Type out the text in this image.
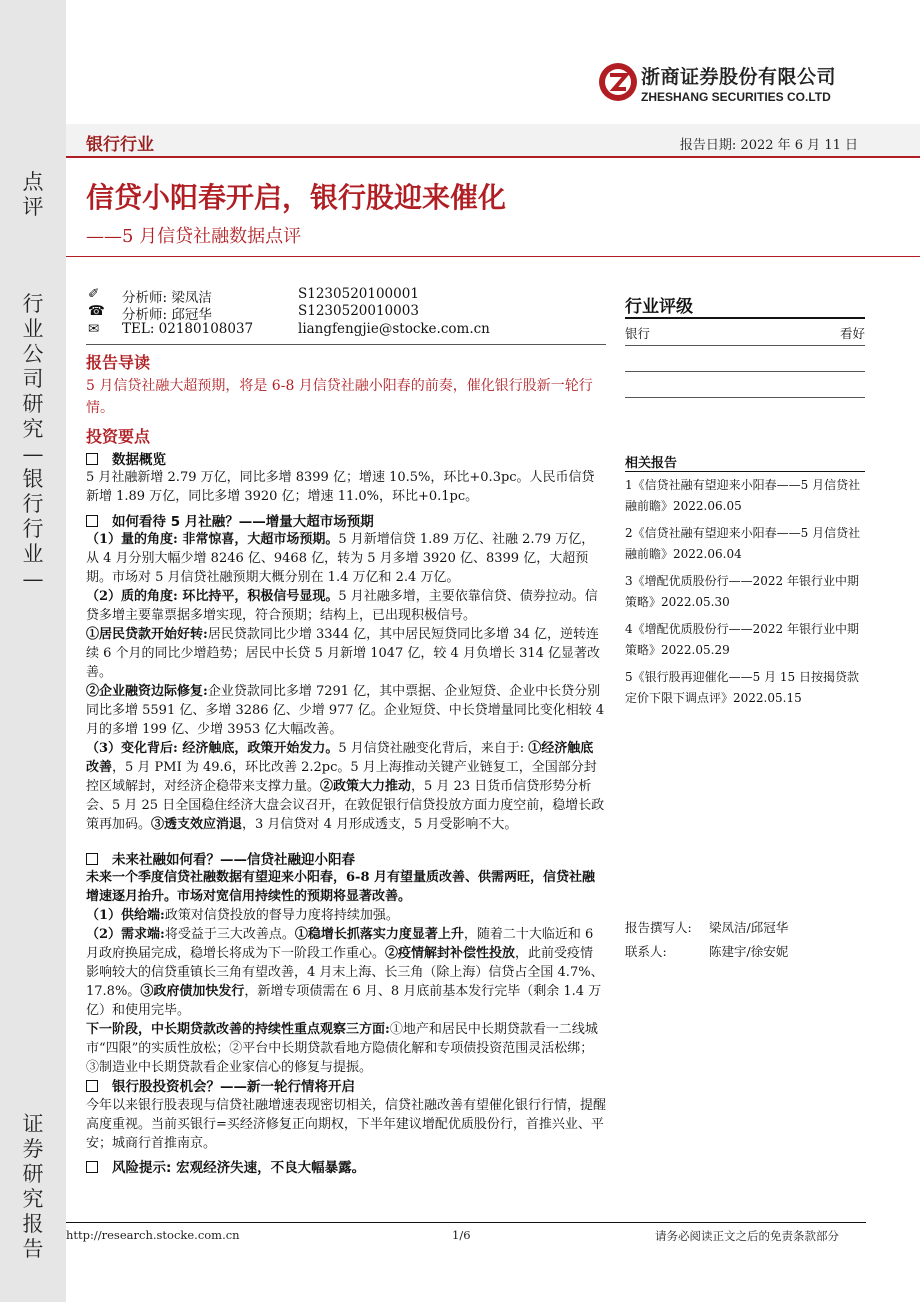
点
评
行
业
公
司
研
究
—
银
行
行
业
—
证
券
研
究
报
告
浙商证券股份有限公司
ZHESHANG SECURITIES CO.LTD
银行行业	报告日期: 2022 年 6 月 11 日
信贷小阳春开启，银行股迎来催化
——5 月信贷社融数据点评
✐ 分析师: 梁凤洁	S1230520100001
☎ 分析师: 邱冠华	S1230520010003
✉ TEL: 02180108037	liangfengjie@stocke.com.cn
报告导读
5 月信贷社融大超预期，将是 6-8 月信贷社融小阳春的前奏，催化银行股新一轮行情。
投资要点
数据概览
5 月社融新增 2.79 万亿，同比多增 8399 亿；增速 10.5%，环比+0.3pc。人民币信贷新增 1.89 万亿，同比多增 3920 亿；增速 11.0%，环比+0.1pc。
如何看待 5 月社融？——增量大超市场预期
（1）量的角度: 非常惊喜，大超市场预期。5 月新增信贷 1.89 万亿、社融 2.79 万亿，从 4 月分别大幅少增 8246 亿、9468 亿，转为 5 月多增 3920 亿、8399 亿，大超预期。市场对 5 月信贷社融预期大概分别在 1.4 万亿和 2.4 万亿。
（2）质的角度: 环比持平，积极信号显现。5 月社融多增，主要依靠信贷、债券拉动。信贷多增主要靠票据多增实现，符合预期；结构上，已出现积极信号。
①居民贷款开始好转:居民贷款同比少增 3344 亿，其中居民短贷同比多增 34 亿，逆转连续 6 个月的同比少增趋势；居民中长贷 5 月新增 1047 亿，较 4 月负增长 314 亿显著改善。
②企业融资边际修复:企业贷款同比多增 7291 亿，其中票据、企业短贷、企业中长贷分别同比多增 5591 亿、多增 3286 亿、少增 977 亿。企业短贷、中长贷增量同比变化相较 4 月的多增 199 亿、少增 3953 亿大幅改善。
（3）变化背后: 经济触底，政策开始发力。5 月信贷社融变化背后，来自于: ①经济触底改善，5 月 PMI 为 49.6，环比改善 2.2pc。5 月上海推动关键产业链复工，全国部分封控区域解封，对经济企稳带来支撑力量。②政策大力推动，5 月 23 日货币信贷形势分析会、5 月 25 日全国稳住经济大盘会议召开，在敦促银行信贷投放方面力度空前，稳增长政策再加码。③透支效应消退，3 月信贷对 4 月形成透支，5 月受影响不大。
未来社融如何看？——信贷社融迎小阳春
未来一个季度信贷社融数据有望迎来小阳春，6-8 月有望量质改善、供需两旺，信贷社融增速逐月抬升。市场对宽信用持续性的预期将显著改善。
（1）供给端:政策对信贷投放的督导力度将持续加强。
（2）需求端:将受益于三大改善点。①稳增长抓落实力度显著上升，随着二十大临近和 6 月政府换届完成，稳增长将成为下一阶段工作重心。②疫情解封补偿性投放，此前受疫情影响较大的信贷重镇长三角有望改善，4 月末上海、长三角（除上海）信贷占全国 4.7%、17.8%。③政府债加快发行，新增专项债需在 6 月、8 月底前基本发行完毕（剩余 1.4 万亿）和使用完毕。
下一阶段，中长期贷款改善的持续性重点观察三方面:①地产和居民中长期贷款看一二线城市“四限”的实质性放松；②平台中长期贷款看地方隐债化解和专项债投资范围灵活松绑；③制造业中长期贷款看企业家信心的修复与提振。
银行股投资机会？——新一轮行情将开启
今年以来银行股表现与信贷社融增速表现密切相关，信贷社融改善有望催化银行行情，提醒高度重视。当前买银行=买经济修复正向期权，下半年建议增配优质股份行，首推兴业、平安；城商行首推南京。
风险提示: 宏观经济失速，不良大幅暴露。
行业评级
银行	看好
相关报告
1《信贷社融有望迎来小阳春——5 月信贷社融前瞻》2022.06.05
2《信贷社融有望迎来小阳春——5 月信贷社融前瞻》2022.06.04
3《增配优质股份行——2022 年银行业中期策略》2022.05.30
4《增配优质股份行——2022 年银行业中期策略》2022.05.29
5《银行股再迎催化——5 月 15 日按揭贷款定价下限下调点评》2022.05.15
报告撰写人: 梁凤洁/邱冠华
联系人:	陈建宇/徐安妮
http://research.stocke.com.cn	1/6	请务必阅读正文之后的免责条款部分
